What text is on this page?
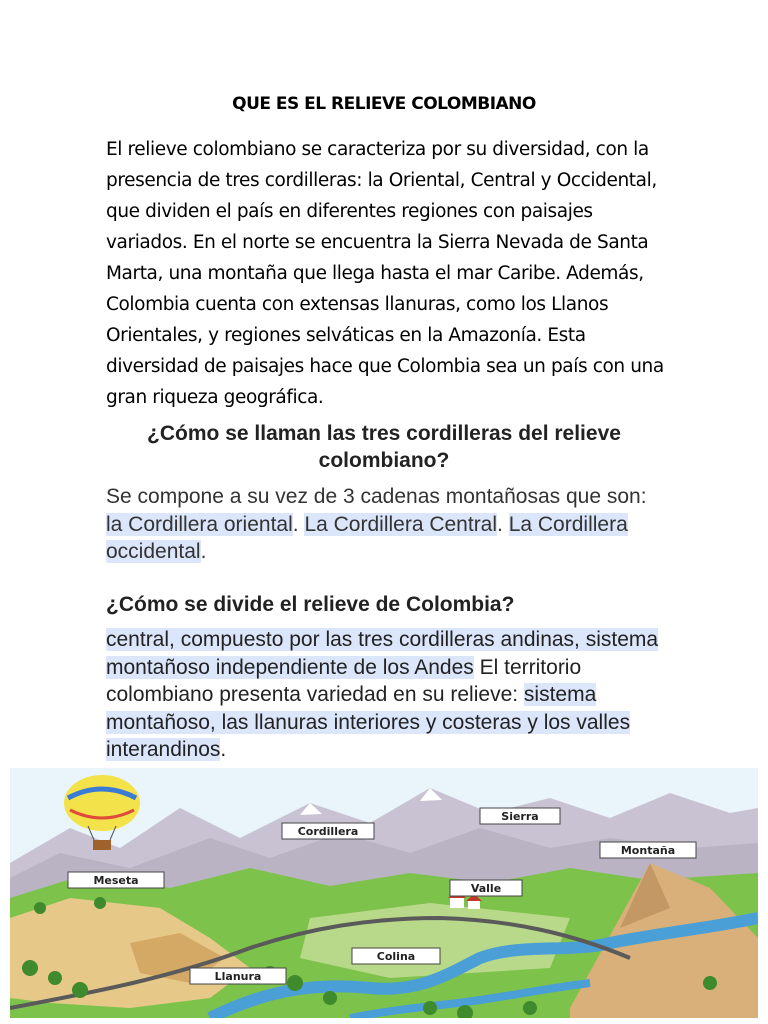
QUE ES EL RELIEVE COLOMBIANO
El relieve colombiano se caracteriza por su diversidad, con la presencia de tres cordilleras: la Oriental, Central y Occidental, que dividen el país en diferentes regiones con paisajes variados. En el norte se encuentra la Sierra Nevada de Santa Marta, una montaña que llega hasta el mar Caribe. Además, Colombia cuenta con extensas llanuras, como los Llanos Orientales, y regiones selváticas en la Amazonía. Esta diversidad de paisajes hace que Colombia sea un país con una gran riqueza geográfica.
¿Cómo se llaman las tres cordilleras del relieve colombiano?
Se compone a su vez de 3 cadenas montañosas que son: la Cordillera oriental. La Cordillera Central. La Cordillera occidental.
¿Cómo se divide el relieve de Colombia?
central, compuesto por las tres cordilleras andinas, sistema montañoso independiente de los Andes El territorio colombiano presenta variedad en su relieve: sistema montañoso, las llanuras interiores y costeras y los valles interandinos.
Cordillera
Sierra
Montaña
Meseta
Valle
Colina
Llanura
